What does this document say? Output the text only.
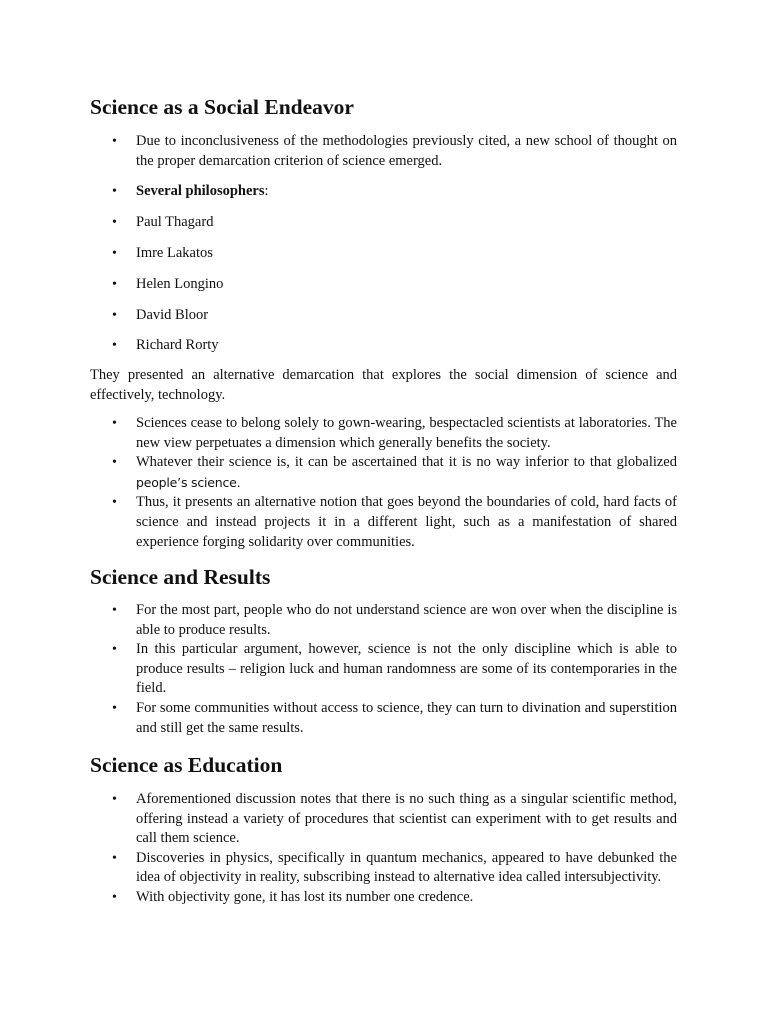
Science as a Social Endeavor
• Due to inconclusiveness of the methodologies previously cited, a new school of thought on the proper demarcation criterion of science emerged.
• Several philosophers:
• Paul Thagard
• Imre Lakatos
• Helen Longino
• David Bloor
• Richard Rorty

They presented an alternative demarcation that explores the social dimension of science and effectively, technology.

• Sciences cease to belong solely to gown-wearing, bespectacled scientists at laboratories. The new view perpetuates a dimension which generally benefits the society.
• Whatever their science is, it can be ascertained that it is no way inferior to that globalized people’s science.
• Thus, it presents an alternative notion that goes beyond the boundaries of cold, hard facts of science and instead projects it in a different light, such as a manifestation of shared experience forging solidarity over communities.
Science and Results
• For the most part, people who do not understand science are won over when the discipline is able to produce results.
• In this particular argument, however, science is not the only discipline which is able to produce results – religion luck and human randomness are some of its contemporaries in the field.
• For some communities without access to science, they can turn to divination and superstition and still get the same results.
Science as Education
• Aforementioned discussion notes that there is no such thing as a singular scientific method, offering instead a variety of procedures that scientist can experiment with to get results and call them science.
• Discoveries in physics, specifically in quantum mechanics, appeared to have debunked the idea of objectivity in reality, subscribing instead to alternative idea called intersubjectivity.
• With objectivity gone, it has lost its number one credence.
